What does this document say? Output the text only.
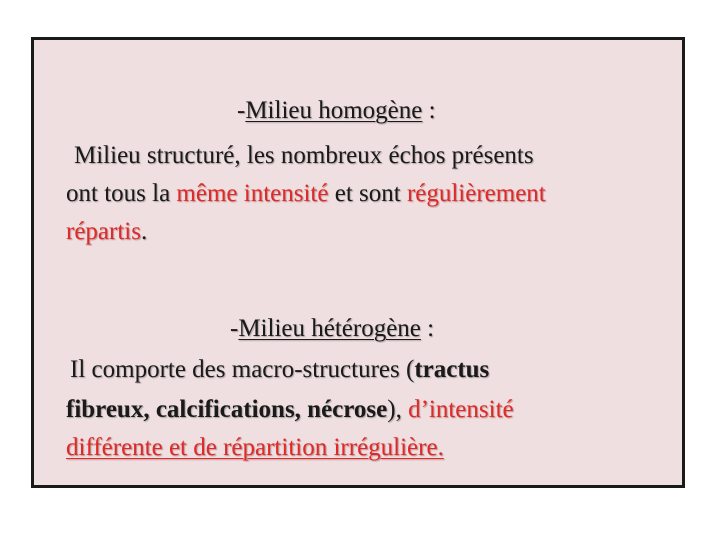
-Milieu homogène :
Milieu structuré, les nombreux échos présents
ont tous la même intensité et sont régulièrement
répartis.
-Milieu hétérogène :
Il comporte des macro-structures (tractus
fibreux, calcifications, nécrose), d’intensité
différente et de répartition irrégulière.
